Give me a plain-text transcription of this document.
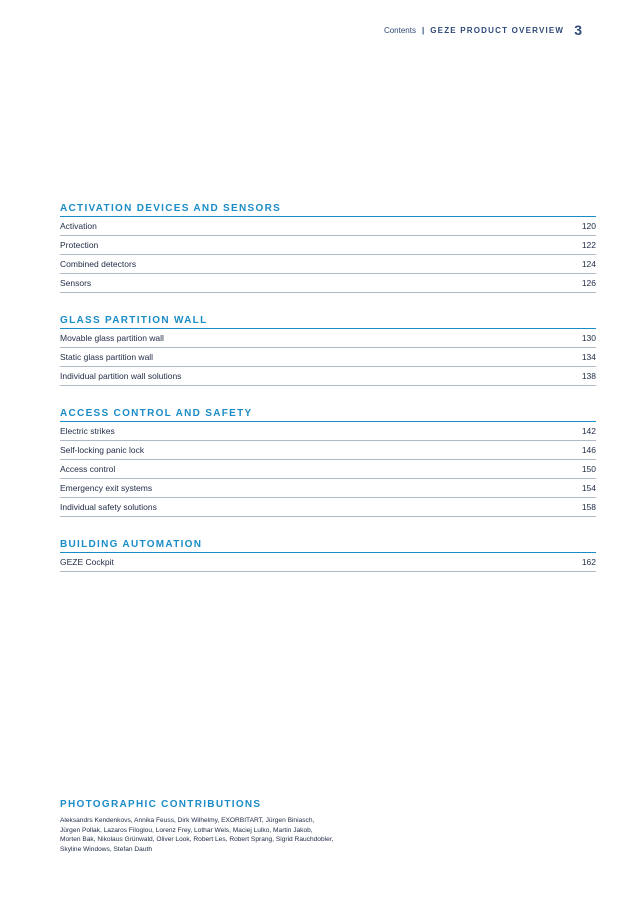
Contents | GEZE PRODUCT OVERVIEW 3
ACTIVATION DEVICES AND SENSORS
Activation	120
Protection	122
Combined detectors	124
Sensors	126
GLASS PARTITION WALL
Movable glass partition wall	130
Static glass partition wall	134
Individual partition wall solutions	138
ACCESS CONTROL AND SAFETY
Electric strikes	142
Self-locking panic lock	146
Access control	150
Emergency exit systems	154
Individual safety solutions	158
BUILDING AUTOMATION
GEZE Cockpit	162
PHOTOGRAPHIC CONTRIBUTIONS
Aleksandrs Kendenkovs, Annika Feuss, Dirk Wilhelmy, EXORBITART, Jürgen Biniasch,
Jürgen Pollak, Lazaros Filoglou, Lorenz Frey, Lothar Wels, Maciej Lulko, Martin Jakob,
Morten Bak, Nikolaus Grünwald, Oliver Look, Robert Les, Robert Sprang, Sigrid Rauchdobler,
Skyline Windows, Stefan Dauth
